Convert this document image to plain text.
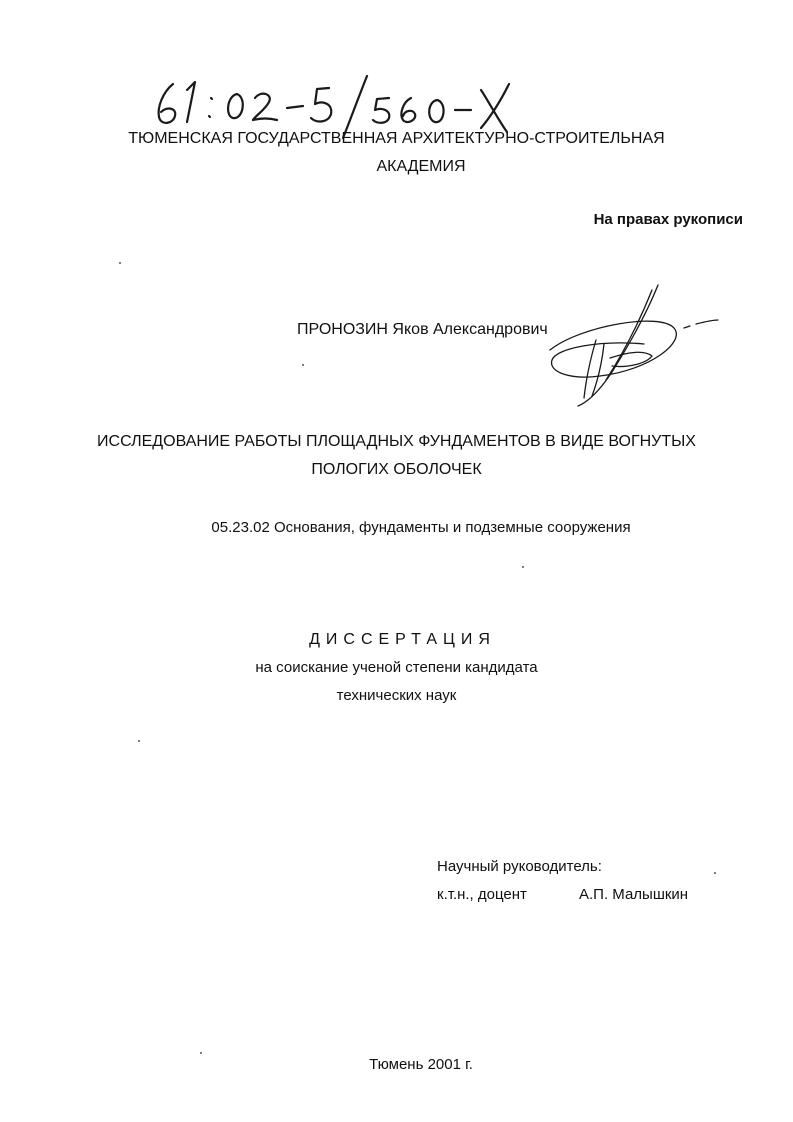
ТЮМЕНСКАЯ ГОСУДАРСТВЕННАЯ АРХИТЕКТУРНО-СТРОИТЕЛЬНАЯ
АКАДЕМИЯ
На правах рукописи
ПРОНОЗИН Яков Александрович
ИССЛЕДОВАНИЕ РАБОТЫ ПЛОЩАДНЫХ ФУНДАМЕНТОВ В ВИДЕ ВОГНУТЫХ
ПОЛОГИХ ОБОЛОЧЕК
05.23.02 Основания, фундаменты и подземные сооружения
ДИССЕРТАЦИЯ
на соискание ученой степени кандидата
технических наук
Научный руководитель:
к.т.н., доцент	А.П. Малышкин
Тюмень 2001 г.
